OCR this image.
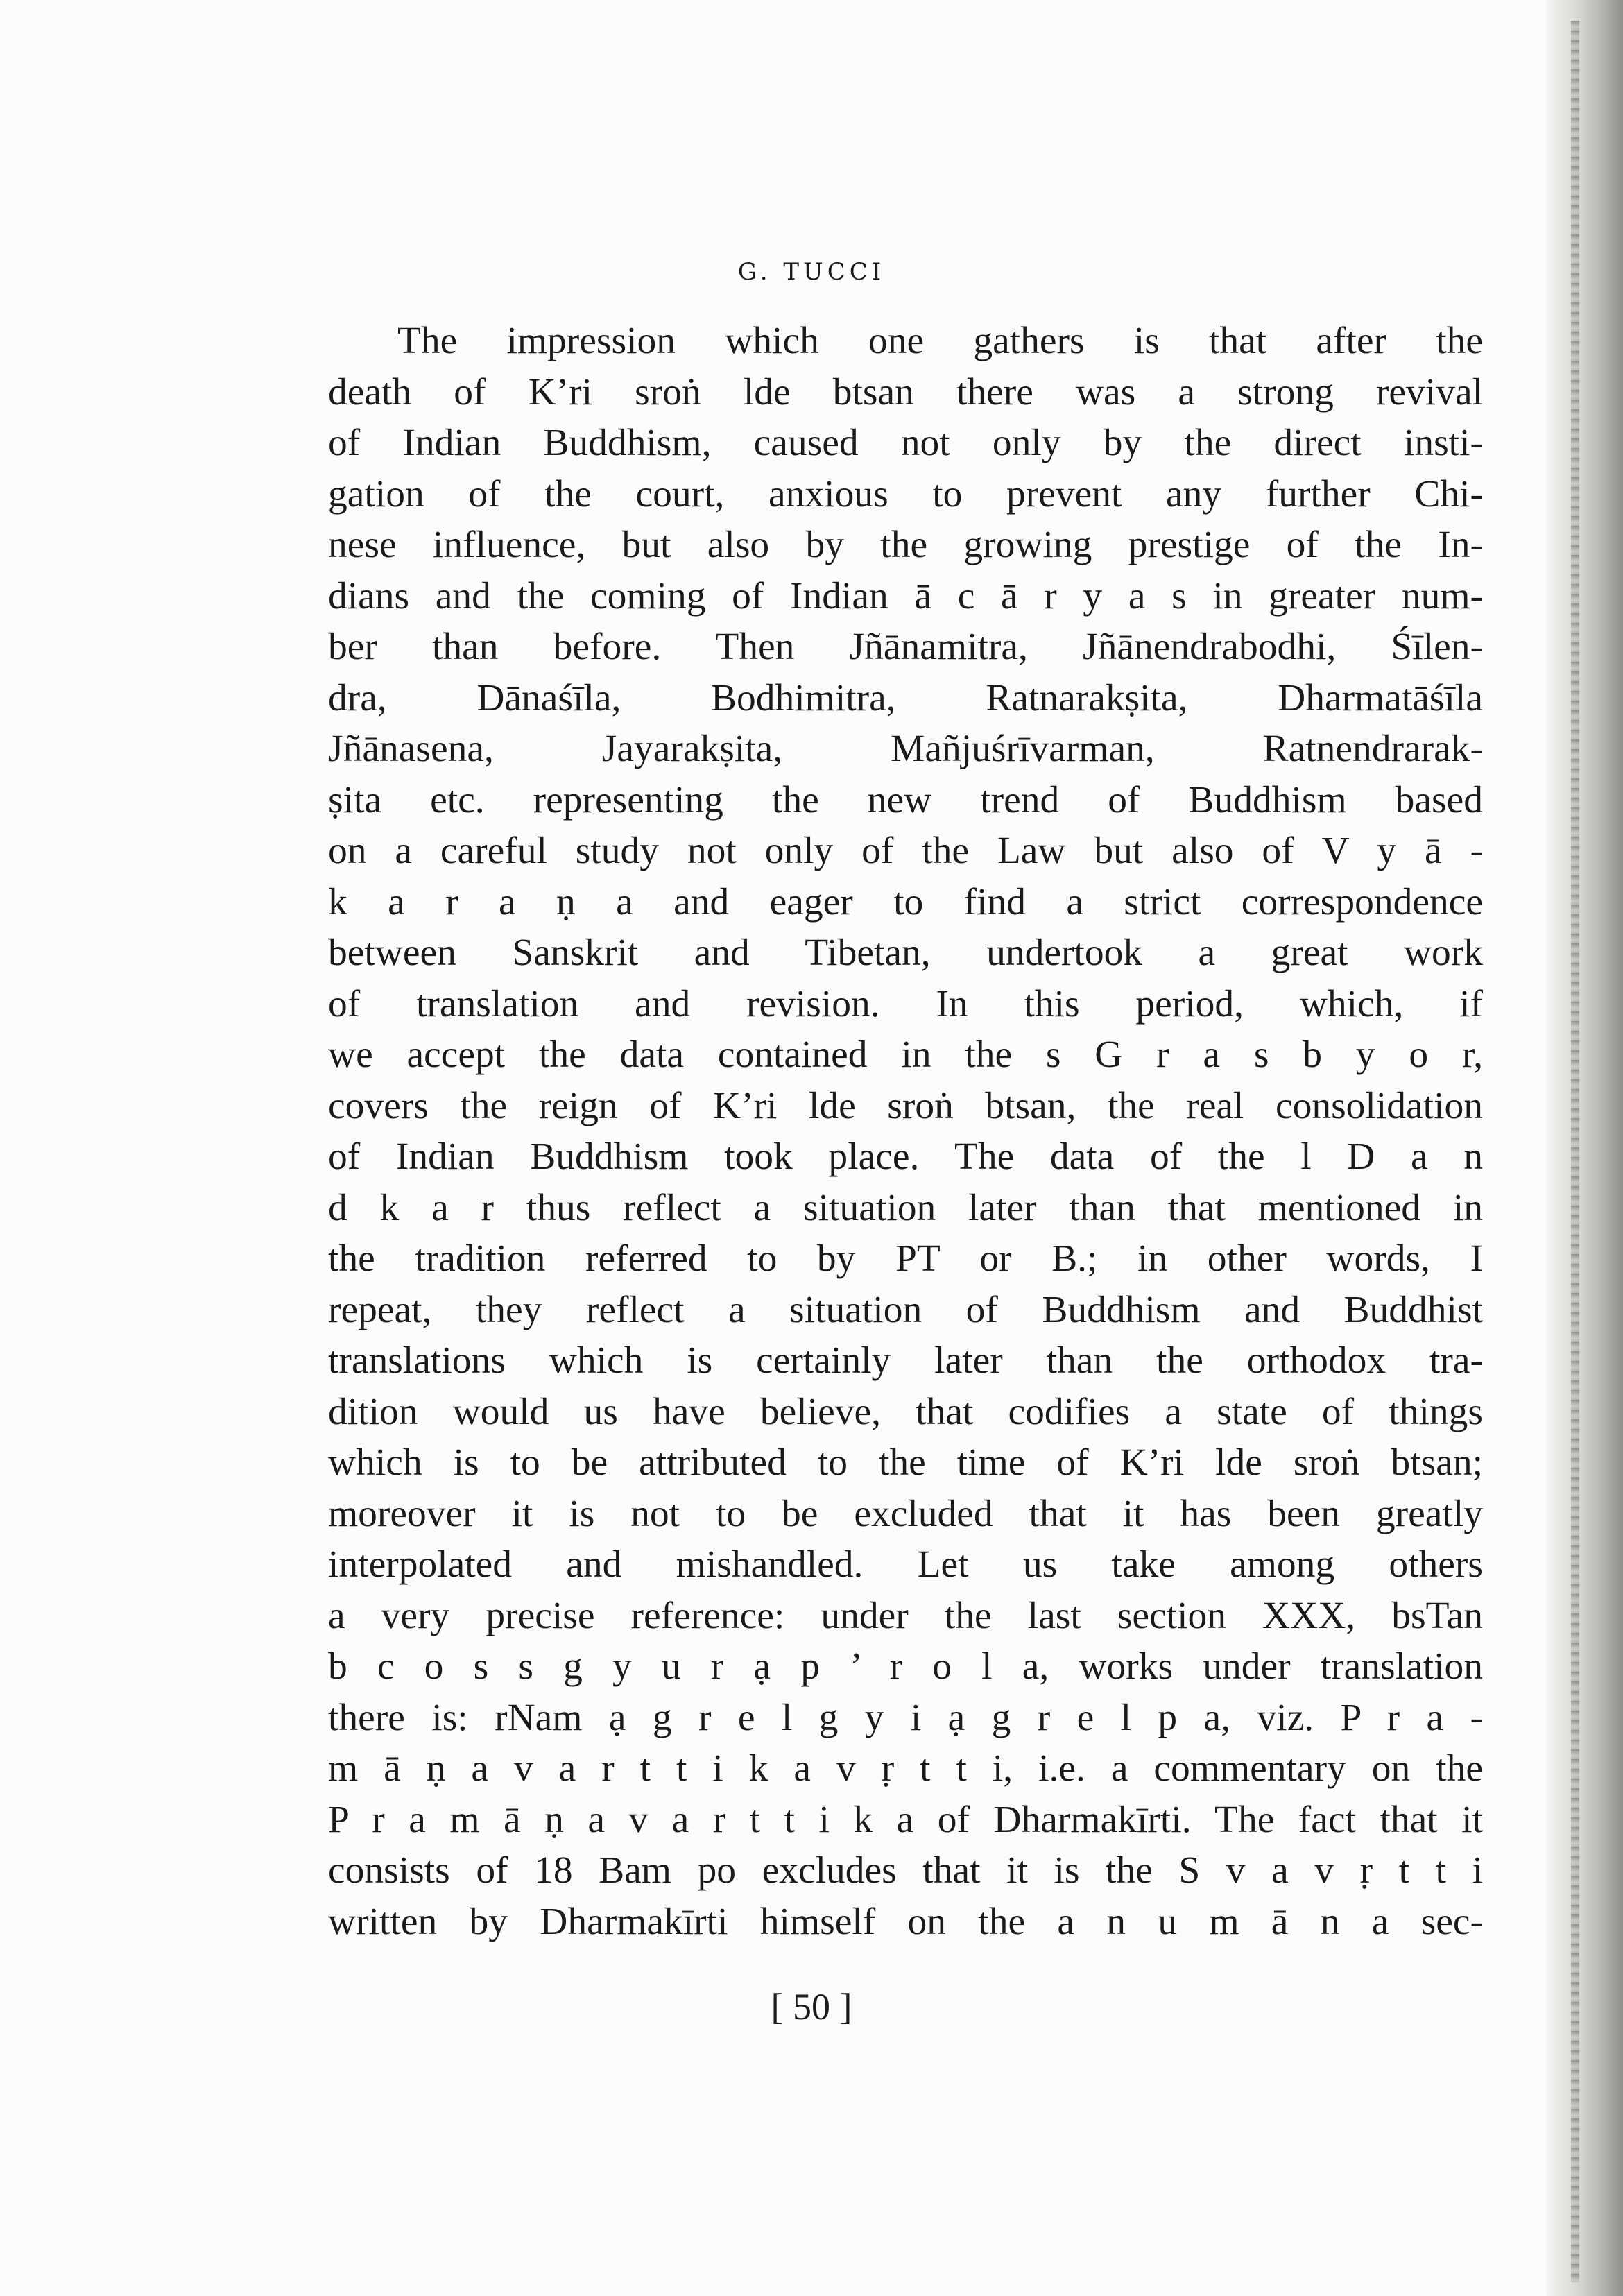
G. TUCCI
The impression which one gathers is that after the
death of K’ri sroṅ lde btsan there was a strong revival
of Indian Buddhism, caused not only by the direct insti-
gation of the court, anxious to prevent any further Chi-
nese influence, but also by the growing prestige of the In-
dians and the coming of Indian ā c ā r y a s in greater num-
ber than before. Then Jñānamitra, Jñānendrabodhi, Śīlen-
dra, Dānaśīla, Bodhimitra, Ratnarakṣita, Dharmatāśīla
Jñānasena, Jayarakṣita, Mañjuśrīvarman, Ratnendrarak-
ṣita etc. representing the new trend of Buddhism based
on a careful study not only of the Law but also of V y ā -
k a r a ṇ a and eager to find a strict correspondence
between Sanskrit and Tibetan, undertook a great work
of translation and revision. In this period, which, if
we accept the data contained in the s G r a s b y o r,
covers the reign of K’ri lde sroṅ btsan, the real consolidation
of Indian Buddhism took place. The data of the l D a n
d k a r thus reflect a situation later than that mentioned in
the tradition referred to by PT or B.; in other words, I
repeat, they reflect a situation of Buddhism and Buddhist
translations which is certainly later than the orthodox tra-
dition would us have believe, that codifies a state of things
which is to be attributed to the time of K’ri lde sroṅ btsan;
moreover it is not to be excluded that it has been greatly
interpolated and mishandled. Let us take among others
a very precise reference: under the last section XXX, bsTan
b c o s s g y u r ạ p ’ r o l a, works under translation
there is: rNam ạ g r e l g y i ạ g r e l p a, viz. P r a -
m ā ṇ a v a r t t i k a v ṛ t t i, i.e. a commentary on the
P r a m ā ṇ a v a r t t i k a of Dharmakīrti. The fact that it
consists of 18 Bam po excludes that it is the S v a v ṛ t t i
written by Dharmakīrti himself on the a n u m ā n a sec-
[ 50 ]
